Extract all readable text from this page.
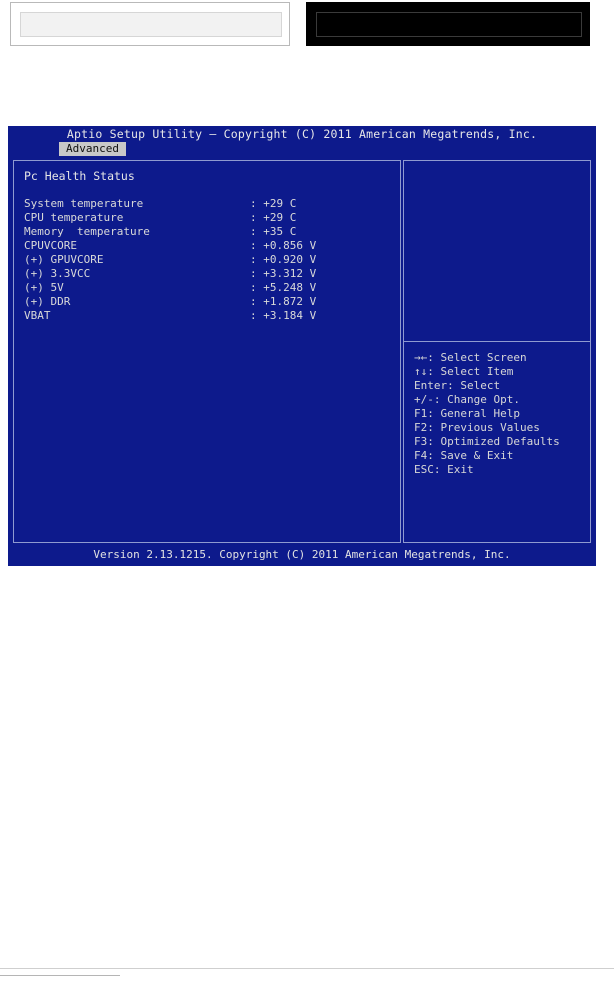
Aptio Setup Utility – Copyright (C) 2011 American Megatrends, Inc.
Advanced
Pc Health Status
System temperature	: +29 C
CPU temperature	: +29 C
Memory  temperature	: +35 C
CPUVCORE	: +0.856 V
(+) GPUVCORE	: +0.920 V
(+) 3.3VCC	: +3.312 V
(+) 5V	: +5.248 V
(+) DDR	: +1.872 V
VBAT	: +3.184 V
→←: Select Screen
↑↓: Select Item
Enter: Select
+/-: Change Opt.
F1: General Help
F2: Previous Values
F3: Optimized Defaults
F4: Save & Exit
ESC: Exit
Version 2.13.1215. Copyright (C) 2011 American Megatrends, Inc.
